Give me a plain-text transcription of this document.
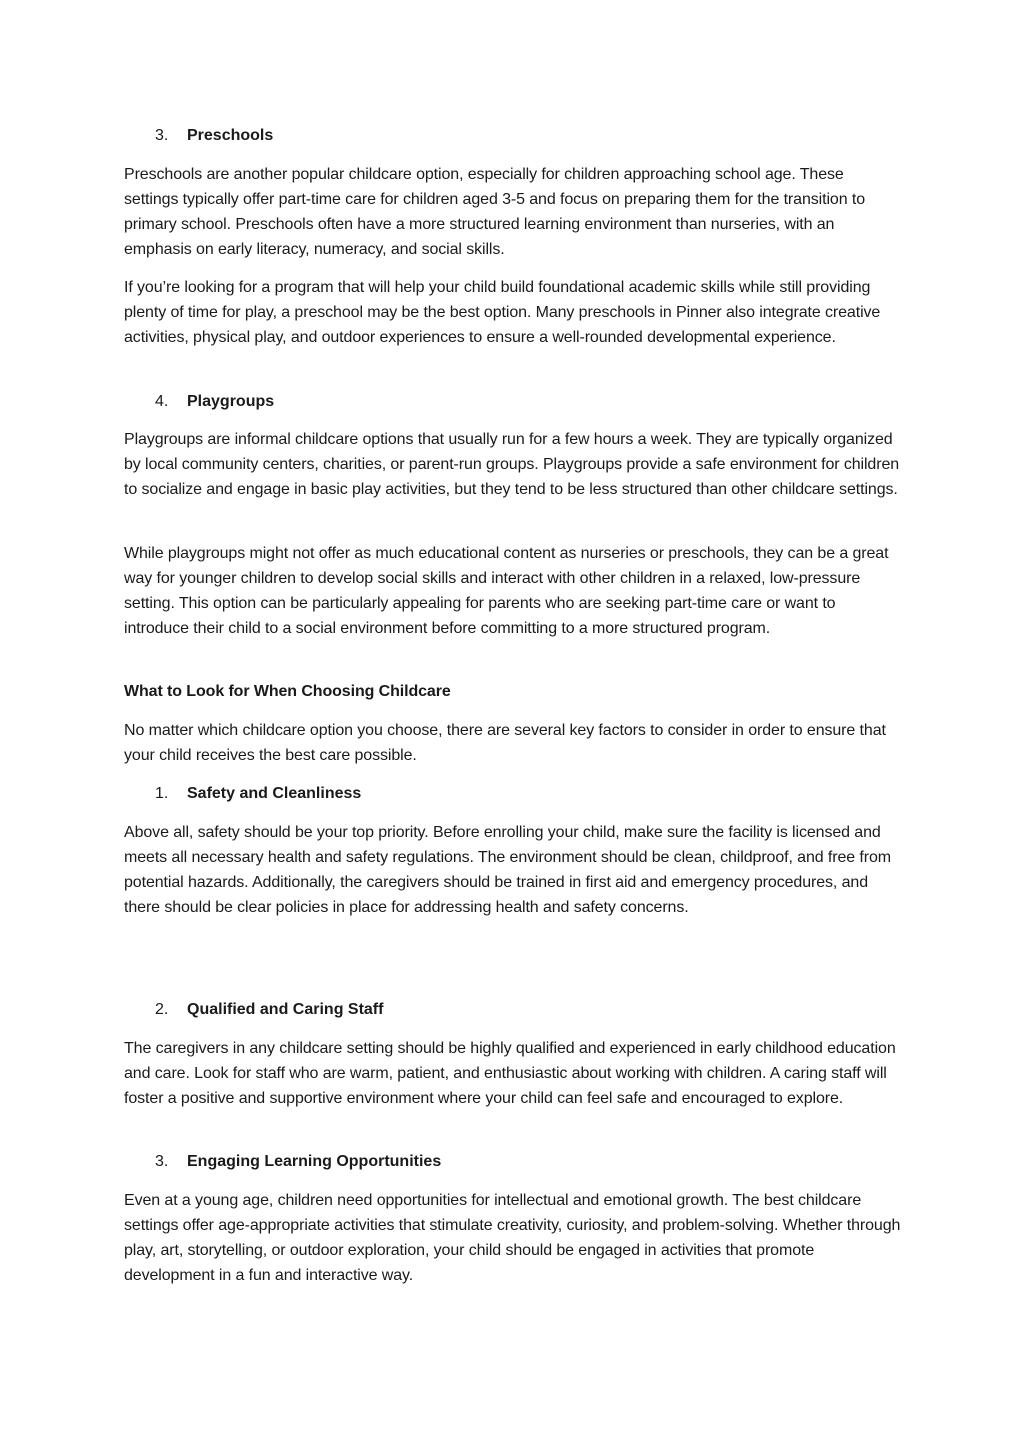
3. Preschools

Preschools are another popular childcare option, especially for children approaching school age. These settings typically offer part-time care for children aged 3-5 and focus on preparing them for the transition to primary school. Preschools often have a more structured learning environment than nurseries, with an emphasis on early literacy, numeracy, and social skills.

If you’re looking for a program that will help your child build foundational academic skills while still providing plenty of time for play, a preschool may be the best option. Many preschools in Pinner also integrate creative activities, physical play, and outdoor experiences to ensure a well-rounded developmental experience.

4. Playgroups

Playgroups are informal childcare options that usually run for a few hours a week. They are typically organized by local community centers, charities, or parent-run groups. Playgroups provide a safe environment for children to socialize and engage in basic play activities, but they tend to be less structured than other childcare settings.

While playgroups might not offer as much educational content as nurseries or preschools, they can be a great way for younger children to develop social skills and interact with other children in a relaxed, low-pressure setting. This option can be particularly appealing for parents who are seeking part-time care or want to introduce their child to a social environment before committing to a more structured program.

What to Look for When Choosing Childcare

No matter which childcare option you choose, there are several key factors to consider in order to ensure that your child receives the best care possible.

1. Safety and Cleanliness

Above all, safety should be your top priority. Before enrolling your child, make sure the facility is licensed and meets all necessary health and safety regulations. The environment should be clean, childproof, and free from potential hazards. Additionally, the caregivers should be trained in first aid and emergency procedures, and there should be clear policies in place for addressing health and safety concerns.

2. Qualified and Caring Staff

The caregivers in any childcare setting should be highly qualified and experienced in early childhood education and care. Look for staff who are warm, patient, and enthusiastic about working with children. A caring staff will foster a positive and supportive environment where your child can feel safe and encouraged to explore.

3. Engaging Learning Opportunities

Even at a young age, children need opportunities for intellectual and emotional growth. The best childcare settings offer age-appropriate activities that stimulate creativity, curiosity, and problem-solving. Whether through play, art, storytelling, or outdoor exploration, your child should be engaged in activities that promote development in a fun and interactive way.
